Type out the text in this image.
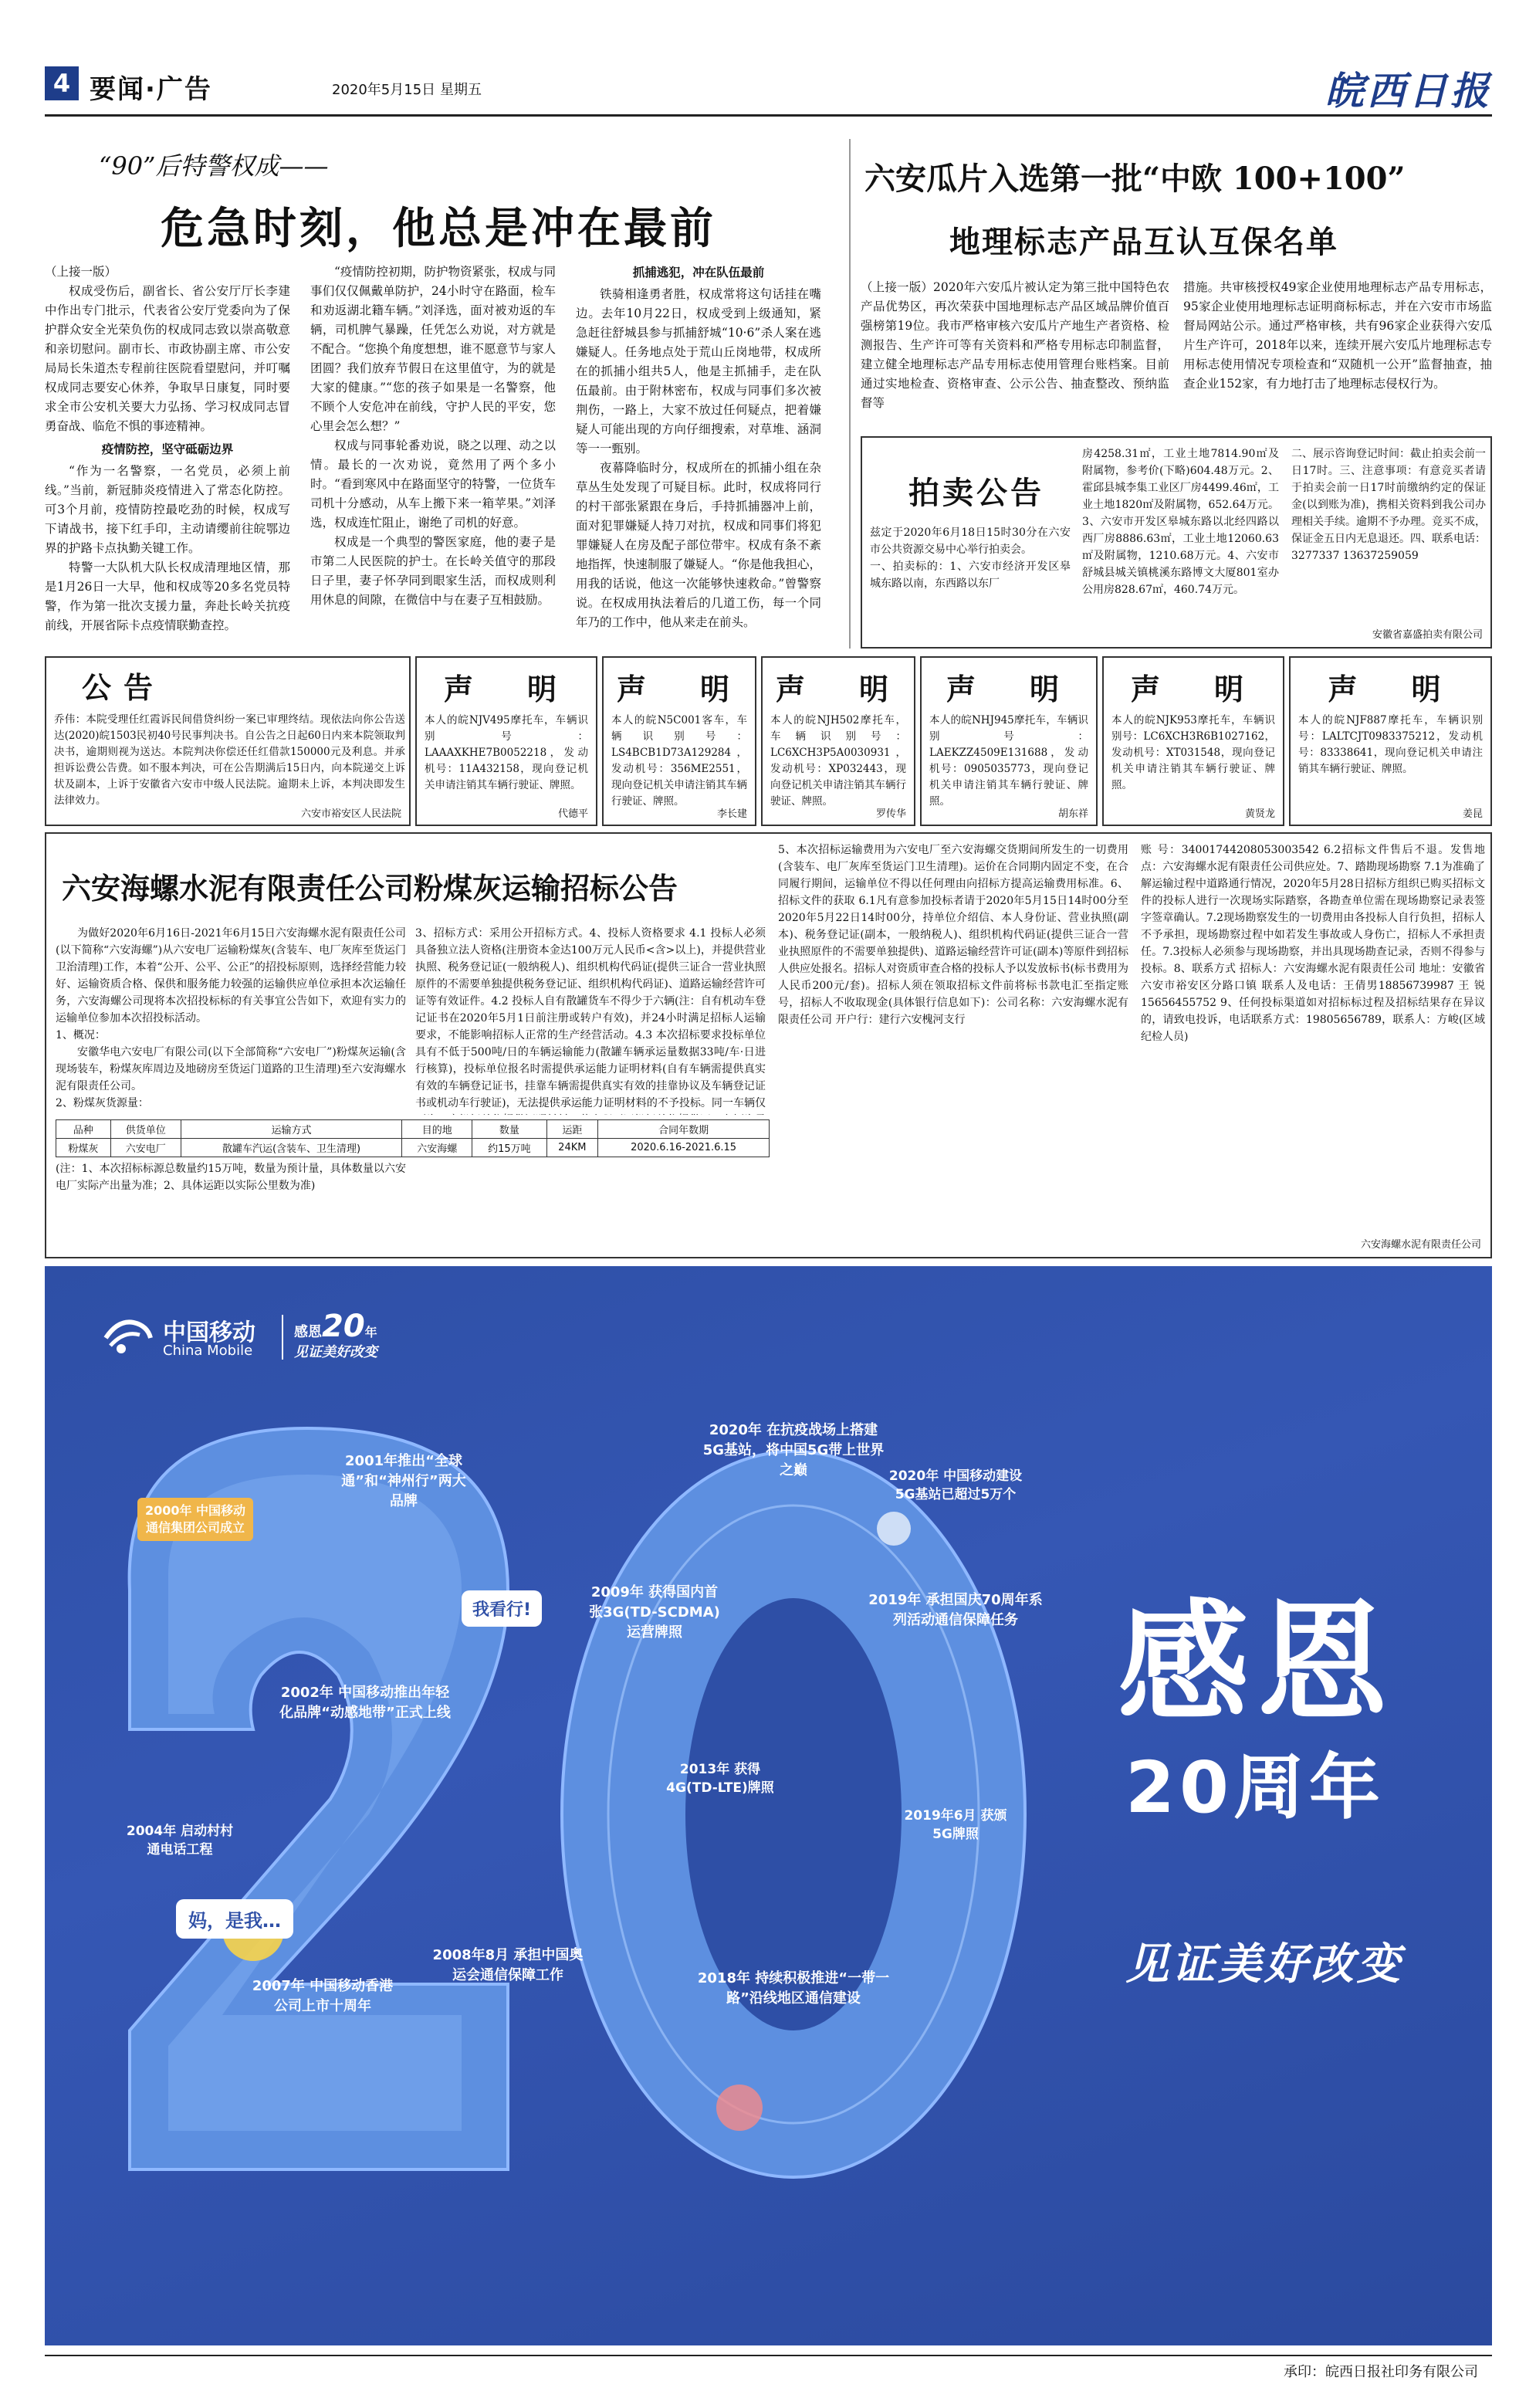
4 要闻·广告	2020年5月15日 星期五	皖西日报
“90”后特警权成——
危急时刻，他总是冲在最前

（上接一版）

权成受伤后，副省长、省公安厅厅长李建中作出专门批示，代表省公安厅党委向为了保护群众安全光荣负伤的权成同志致以崇高敬意和亲切慰问。副市长、市政协副主席、市公安局局长朱道杰专程前往医院看望慰问，并叮嘱权成同志要安心休养，争取早日康复，同时要求全市公安机关要大力弘扬、学习权成同志冒勇奋战、临危不惧的事迹精神。

疫情防控，坚守砥砺边界

“作为一名警察，一名党员，必须上前线。”当前，新冠肺炎疫情进入了常态化防控。可3个月前，疫情防控最吃劲的时候，权成写下请战书，接下红手印，主动请缨前往皖鄂边界的护路卡点执勤关键工作。

特警一大队机大队长权成清理地区情，那是1月26日一大早，他和权成等20多名党员特警，作为第一批次支援力量，奔赴长岭关抗疫前线，开展省际卡点疫情联勤查控。

“疫情防控初期，防护物资紧张，权成与同事们仅仅佩戴单防护，24小时守在路面，检车和劝返湖北籍车辆。”刘泽选，面对被劝返的车辆，司机脾气暴躁，任凭怎么劝说，对方就是不配合。“您换个角度想想，谁不愿意节与家人团圆？我们放弃节假日在这里值守，为的就是大家的健康。”“您的孩子如果是一名警察，他不顾个人安危冲在前线，守护人民的平安，您心里会怎么想？”

权成与同事轮番劝说，晓之以理、动之以情。最长的一次劝说，竟然用了两个多小时。“看到寒风中在路面坚守的特警，一位货车司机十分感动，从车上搬下来一箱苹果。”刘泽选，权成连忙阻止，谢绝了司机的好意。

权成是一个典型的警医家庭，他的妻子是市第二人民医院的护士。在长岭关值守的那段日子里，妻子怀孕同到眼家生活，而权成则利用休息的间隙，在微信中与在妻子互相鼓励。

抓捕逃犯，冲在队伍最前

铁骑相逢勇者胜，权成常将这句话挂在嘴边。去年10月22日，权成受到上级通知，紧急赶往舒城县参与抓捕舒城“10·6”杀人案在逃嫌疑人。任务地点处于荒山丘岗地带，权成所在的抓捕小组共5人，他是主抓捕手，走在队伍最前。由于附林密布，权成与同事们多次被荆伤，一路上，大家不放过任何疑点，把着嫌疑人可能出现的方向仔细搜索，对草堆、涵洞等一一甄别。

夜幕降临时分，权成所在的抓捕小组在杂草丛生处发现了可疑目标。此时，权成将同行的村干部张紧跟在身后，手持抓捕器冲上前，面对犯罪嫌疑人持刀对抗，权成和同事们将犯罪嫌疑人在房及配子部位带牢。权成有条不紊地指挥，快速制服了嫌疑人。“你是他我担心，用我的话说，他这一次能够快速救命。”曾警察说。在权成用执法着后的几道工伤，每一个同年乃的工作中，他从来走在前头。

六安瓜片入选第一批“中欧 100+100”
地理标志产品互认互保名单
（上接一版）2020年六安瓜片被认定为第三批中国特色农产品优势区，再次荣获中国地理标志产品区域品牌价值百强榜第19位。我市严格审核六安瓜片产地生产者资格、检测报告、生产许可等有关资料和严格专用标志印制监督，建立健全地理标志产品专用标志使用管理台账档案。目前通过实地检查、资格审查、公示公告、抽查整改、预纳监督等
措施。共审核授权49家企业使用地理标志产品专用标志，95家企业使用地理标志证明商标标志，并在六安市市场监督局网站公示。通过严格审核，共有96家企业获得六安瓜片生产许可，2018年以来，连续开展六安瓜片地理标志专用标志使用情况专项检查和“双随机一公开”监督抽查，抽查企业152家，有力地打击了地理标志侵权行为。
拍卖公告

兹定于2020年6月18日15时30分在六安市公共资源交易中心举行拍卖会。

一、拍卖标的：1、六安市经济开发区皋城东路以南，东西路以东厂

房4258.31㎡，工业土地7814.90㎡及附属物，参考价(下略)604.48万元。2、霍邱县城李集工业区厂房4499.46㎡，工业土地1820㎡及附属物，652.64万元。3、六安市开发区皋城东路以北经四路以西厂房8886.63㎡，工业土地12060.63㎡及附属物，1210.68万元。4、六安市舒城县城关镇桃溪东路博文大厦801室办公用房828.67㎡，460.74万元。
二、展示咨询登记时间：截止拍卖会前一日17时。三、注意事项：有意竞买者请于拍卖会前一日17时前缴纳约定的保证金(以到账为准)，携相关资料到我公司办理相关手续。逾期不予办理。竞买不成，保证金五日内无息退还。四、联系电话：3277337 13637259059
安徽省嘉盛拍卖有限公司
公告
乔伟：本院受理任红霞诉民间借贷纠纷一案已审理终结。现依法向你公告送达(2020)皖1503民初40号民事判决书。自公告之日起60日内来本院领取判决书，逾期则视为送达。本院判决你偿还任红借款150000元及利息。并承担诉讼费公告费。如不服本判决，可在公告期满后15日内，向本院递交上诉状及副本，上诉于安徽省六安市中级人民法院。逾期未上诉，本判决即发生法律效力。
六安市裕安区人民法院
声　明
本人的皖NJV495摩托车，车辆识别号：LAAAXKHE7B0052218，发动机号：11A432158，现向登记机关申请注销其车辆行驶证、牌照。
代德平
声　明
本人的皖N5C001客车，车辆识别号：LS4BCB1D73A129284，发动机号：356ME2551，现向登记机关申请注销其车辆行驶证、牌照。
李长建
声　明
本人的皖NJH502摩托车，车辆识别号：LC6XCH3P5A0030931，发动机号：XP032443，现向登记机关申请注销其车辆行驶证、牌照。
罗传华
声　明
本人的皖NHJ945摩托车，车辆识别号：LAEKZZ4509E131688，发动机号：0905035773，现向登记机关申请注销其车辆行驶证、牌照。
胡东祥
声　明
本人的皖NJK953摩托车，车辆识别号：LC6XCH3R6B1027162，发动机号：XT031548，现向登记机关申请注销其车辆行驶证、牌照。
黄贤龙
声　明
本人的皖NJF887摩托车，车辆识别号：LALTCJT0983375212，发动机号：83338641，现向登记机关申请注销其车辆行驶证、牌照。
姜昆
六安海螺水泥有限责任公司粉煤灰运输招标公告

为做好2020年6月16日-2021年6月15日六安海螺水泥有限责任公司(以下简称“六安海螺”)从六安电厂运输粉煤灰(含装车、电厂灰库至货运门卫治清理)工作，本着“公开、公平、公正”的招投标原则，选择经营能力较好、运输资质合格、保供和服务能力较强的运输供应单位承担本次运输任务，六安海螺公司现将本次招投标标的有关事宜公告如下，欢迎有实力的运输单位参加本次招投标活动。

1、概况：

安徽华电六安电厂有限公司(以下全部简称“六安电厂”)粉煤灰运输(含现场装车，粉煤灰库周边及地磅房至货运门道路的卫生清理)至六安海螺水泥有限责任公司。

2、粉煤灰货源量：

品种	供货单位	运输方式	目的地	数量	运距	合同年数期
粉煤灰	六安电厂	散罐车汽运(含装车、卫生清理)	六安海螺	约15万吨	24KM	2020.6.16-2021.6.15
(注：1、本次招标标源总数量约15万吨，数量为预计量，具体数量以六安电厂实际产出量为准；2、具体运距以实际公里数为准)
3、招标方式：采用公开招标方式。4、投标人资格要求 4.1 投标人必须具备独立法人资格(注册资本金达100万元人民币<含>以上)，并提供营业执照、税务登记证(一般纳税人)、组织机构代码证(提供三证合一营业执照原件的不需要单独提供税务登记证、组织机构代码证)、道路运输经营许可证等有效证件。4.2 投标人自有散罐货车不得少于六辆(注：自有机动车登记证书在2020年5月1日前注册或转户有效)，并24小时满足招标人运输要求，不能影响招标人正常的生产经营活动。4.3 本次招标要求投标单位具有不低于500吨/日的车辆运输能力(散罐车辆承运量数据33吨/车·日进行核算)，投标单位报名时需提供承运能力证明材料(自有车辆需提供真实有效的车辆登记证书，挂靠车辆需提供真实有效的挂靠协议及车辆登记证书或机动车行驶证)，无法提供承运能力证明材料的不予投标。同一车辆仅
5、本次招标运输费用为六安电厂至六安海螺交货期间所发生的一切费用(含装车、电厂灰库至货运门卫生清理)。运价在合同期内固定不变，在合同履行期间，运输单位不得以任何理由向招标方提高运输费用标准。6、招标文件的获取 6.1凡有意参加投标者请于2020年5月15日14时00分至2020年5月22日14时00分，持单位介绍信、本人身份证、营业执照(副本)、税务登记证(副本，一般纳税人)、组织机构代码证(提供三证合一营业执照原件的不需要单独提供)、道路运输经营许可证(副本)等原件到招标人供应处报名。招标人对资质审查合格的投标人予以发放标书(标书费用为人民币200元/套)。招标人须在领取招标文件前将标书款电汇至指定账号，招标人不收取现金(具体银行信息如下)：公司名称：六安海螺水泥有限责任公司 开户行：建行六安槐河支行
账 号：34001744208053003542 6.2招标文件售后不退。发售地点：六安海螺水泥有限责任公司供应处。7、踏勘现场勘察 7.1为准确了解运输过程中道路通行情况，2020年5月28日招标方组织已购买招标文件的投标人进行一次现场实际踏察，各勘查单位需在现场勘察记录表签字签章确认。7.2现场勘察发生的一切费用由各投标人自行负担，招标人不予承担，现场勘察过程中如若发生事故或人身伤亡，招标人不承担责任。7.3投标人必须参与现场勘察，并出具现场勘查记录，否则不得参与投标。8、联系方式 招标人：六安海螺水泥有限责任公司 地址：安徽省六安市裕安区分路口镇 联系人及电话：王倩男18856739987 王 锐 15656455752 9、任何投标渠道如对招标标过程及招标结果存在异议的，请致电投诉，电话联系方式：19805656789，联系人：方峻(区域纪检人员)
六安海螺水泥有限责任公司
中国移动
China Mobile
感恩20年
见证美好改变
2000年 中国移动通信集团公司成立
2001年推出“全球通”和“神州行”两大品牌
2002年 中国移动推出年轻化品牌“动感地带”正式上线
2004年 启动村村通电话工程
2007年 中国移动香港公司上市十周年
2008年8月 承担中国奥运会通信保障工作
2009年 获得国内首张3G(TD-SCDMA)运营牌照
2013年 获得4G(TD-LTE)牌照
2018年 持续积极推进“一带一路”沿线地区通信建设
2019年6月 获颁5G牌照
2019年 承担国庆70周年系列活动通信保障任务
2020年 在抗疫战场上搭建5G基站，将中国5G带上世界之巅	2020年 中国移动建设5G基站已超过5万个
我看行!
妈，是我…
感恩
20周年
见证美好改变
承印：皖西日报社印务有限公司
